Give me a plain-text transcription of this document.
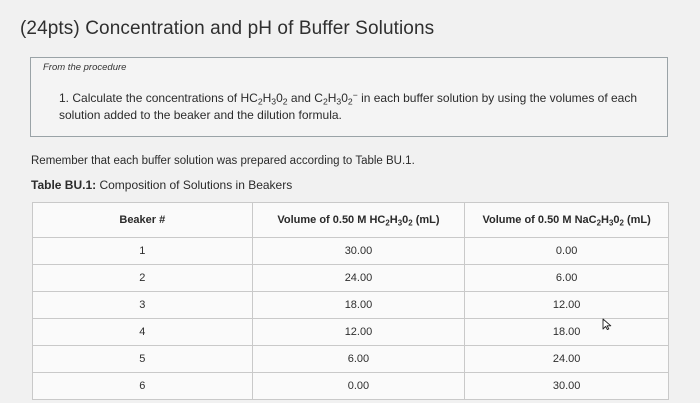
(24pts) Concentration and pH of Buffer Solutions
From the procedure
1. Calculate the concentrations of $HC_2H_30_2$ and $C_2H_30_2^-$ in each buffer solution by using the volumes of each solution added to the beaker and the dilution formula.
Remember that each buffer solution was prepared according to Table BU.1.
Table BU.1: Composition of Solutions in Beakers
Beaker #	Volume of 0.50 M $HC_2H_30_2$ (mL)	Volume of 0.50 M $NaC_2H_30_2$ (mL)
1	30.00	0.00
2	24.00	6.00
3	18.00	12.00
4	12.00	18.00
5	6.00	24.00
6	0.00	30.00
